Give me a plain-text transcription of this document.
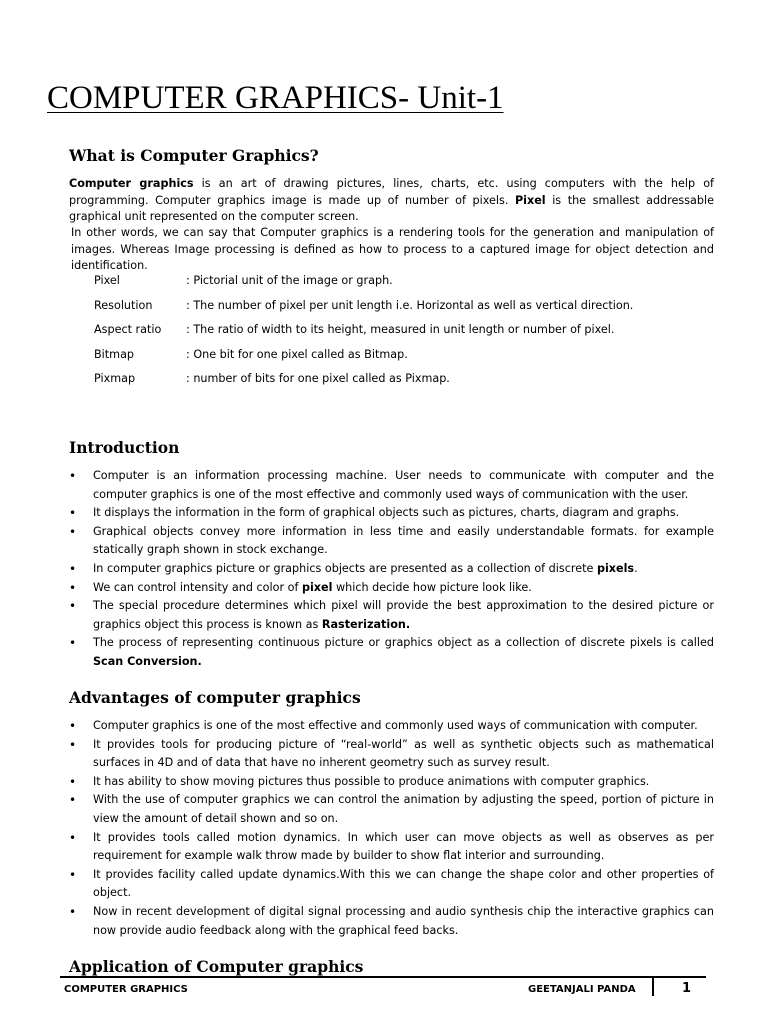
COMPUTER GRAPHICS- Unit-1
What is Computer Graphics?

Computer graphics is an art of drawing pictures, lines, charts, etc. using computers with the help of programming. Computer graphics image is made up of number of pixels. Pixel is the smallest addressable graphical unit represented on the computer screen.

In other words, we can say that Computer graphics is a rendering tools for the generation and manipulation of images. Whereas Image processing is defined as how to process to a captured image for object detection and identification.

Pixel	: Pictorial unit of the image or graph.
Resolution	: The number of pixel per unit length i.e. Horizontal as well as vertical direction.
Aspect ratio	: The ratio of width to its height, measured in unit length or number of pixel.
Bitmap	: One bit for one pixel called as Bitmap.
Pixmap	: number of bits for one pixel called as Pixmap.
Introduction
• Computer is an information processing machine. User needs to communicate with computer and the computer graphics is one of the most effective and commonly used ways of communication with the user.
• It displays the information in the form of graphical objects such as pictures, charts, diagram and graphs.
• Graphical objects convey more information in less time and easily understandable formats. for example statically graph shown in stock exchange.
• In computer graphics picture or graphics objects are presented as a collection of discrete pixels.
• We can control intensity and color of pixel which decide how picture look like.
• The special procedure determines which pixel will provide the best approximation to the desired picture or graphics object this process is known as Rasterization.
• The process of representing continuous picture or graphics object as a collection of discrete pixels is called Scan Conversion.
Advantages of computer graphics
• Computer graphics is one of the most effective and commonly used ways of communication with computer.
• It provides tools for producing picture of “real-world” as well as synthetic objects such as mathematical surfaces in 4D and of data that have no inherent geometry such as survey result.
• It has ability to show moving pictures thus possible to produce animations with computer graphics.
• With the use of computer graphics we can control the animation by adjusting the speed, portion of picture in view the amount of detail shown and so on.
• It provides tools called motion dynamics. In which user can move objects as well as observes as per requirement for example walk throw made by builder to show flat interior and surrounding.
• It provides facility called update dynamics.With this we can change the shape color and other properties of object.
• Now in recent development of digital signal processing and audio synthesis chip the interactive graphics can now provide audio feedback along with the graphical feed backs.
Application of Computer graphics
COMPUTER GRAPHICS	GEETANJALI PANDA	1
